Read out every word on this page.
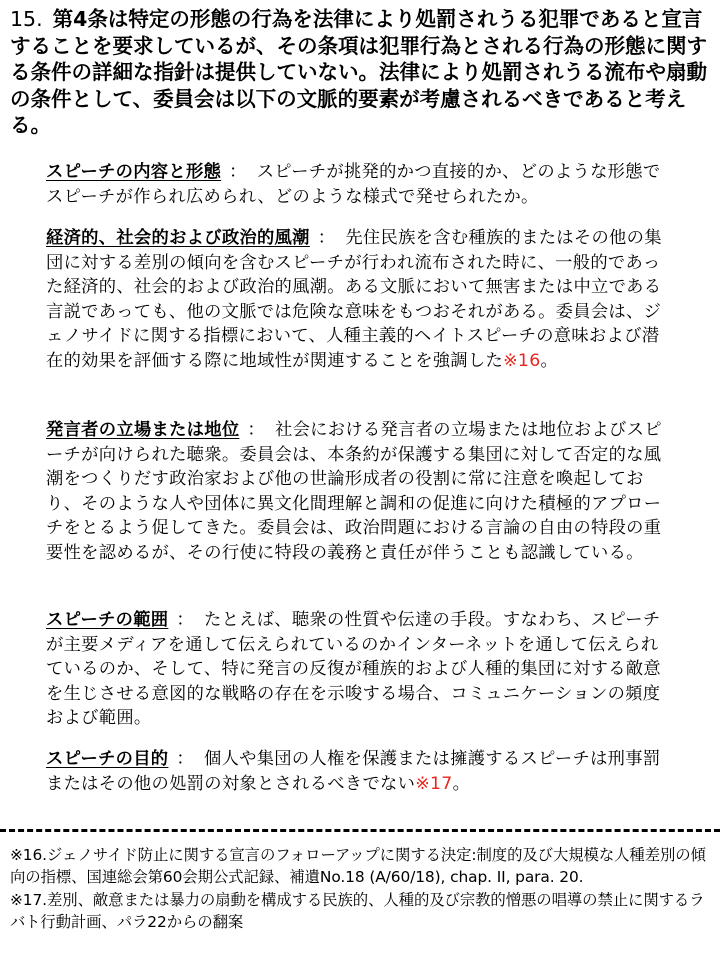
15. 第4条は特定の形態の行為を法律により処罰されうる犯罪であると宣言することを要求しているが、その条項は犯罪行為とされる行為の形態に関する条件の詳細な指針は提供していない。法律により処罰されうる流布や扇動の条件として、委員会は以下の文脈的要素が考慮されるべきであると考える。
スピーチの内容と形態 ： スピーチが挑発的かつ直接的か、どのような形態でスピーチが作られ広められ、どのような様式で発せられたか。
経済的、社会的および政治的風潮 ： 先住民族を含む種族的またはその他の集団に対する差別の傾向を含むスピーチが行われ流布された時に、一般的であった経済的、社会的および政治的風潮。ある文脈において無害または中立である言説であっても、他の文脈では危険な意味をもつおそれがある。委員会は、ジェノサイドに関する指標において、人種主義的ヘイトスピーチの意味および潜在的効果を評価する際に地域性が関連することを強調した※16。
発言者の立場または地位 ： 社会における発言者の立場または地位およびスピーチが向けられた聴衆。委員会は、本条約が保護する集団に対して否定的な風潮をつくりだす政治家および他の世論形成者の役割に常に注意を喚起しており、そのような人や団体に異文化間理解と調和の促進に向けた積極的アプローチをとるよう促してきた。委員会は、政治問題における言論の自由の特段の重要性を認めるが、その行使に特段の義務と責任が伴うことも認識している。
スピーチの範囲 ： たとえば、聴衆の性質や伝達の手段。すなわち、スピーチが主要メディアを通して伝えられているのかインターネットを通して伝えられているのか、そして、特に発言の反復が種族的および人種的集団に対する敵意を生じさせる意図的な戦略の存在を示唆する場合、コミュニケーションの頻度および範囲。
スピーチの目的 ： 個人や集団の人権を保護または擁護するスピーチは刑事罰またはその他の処罰の対象とされるべきでない※17。
※16.ジェノサイド防止に関する宣言のフォローアップに関する決定:制度的及び大規模な人種差別の傾向の指標、国連総会第60会期公式記録、補遺No.18 (A/60/18), chap. II, para. 20.
※17.差別、敵意または暴力の扇動を構成する民族的、人種的及び宗教的憎悪の唱導の禁止に関するラバト行動計画、パラ22からの翻案
